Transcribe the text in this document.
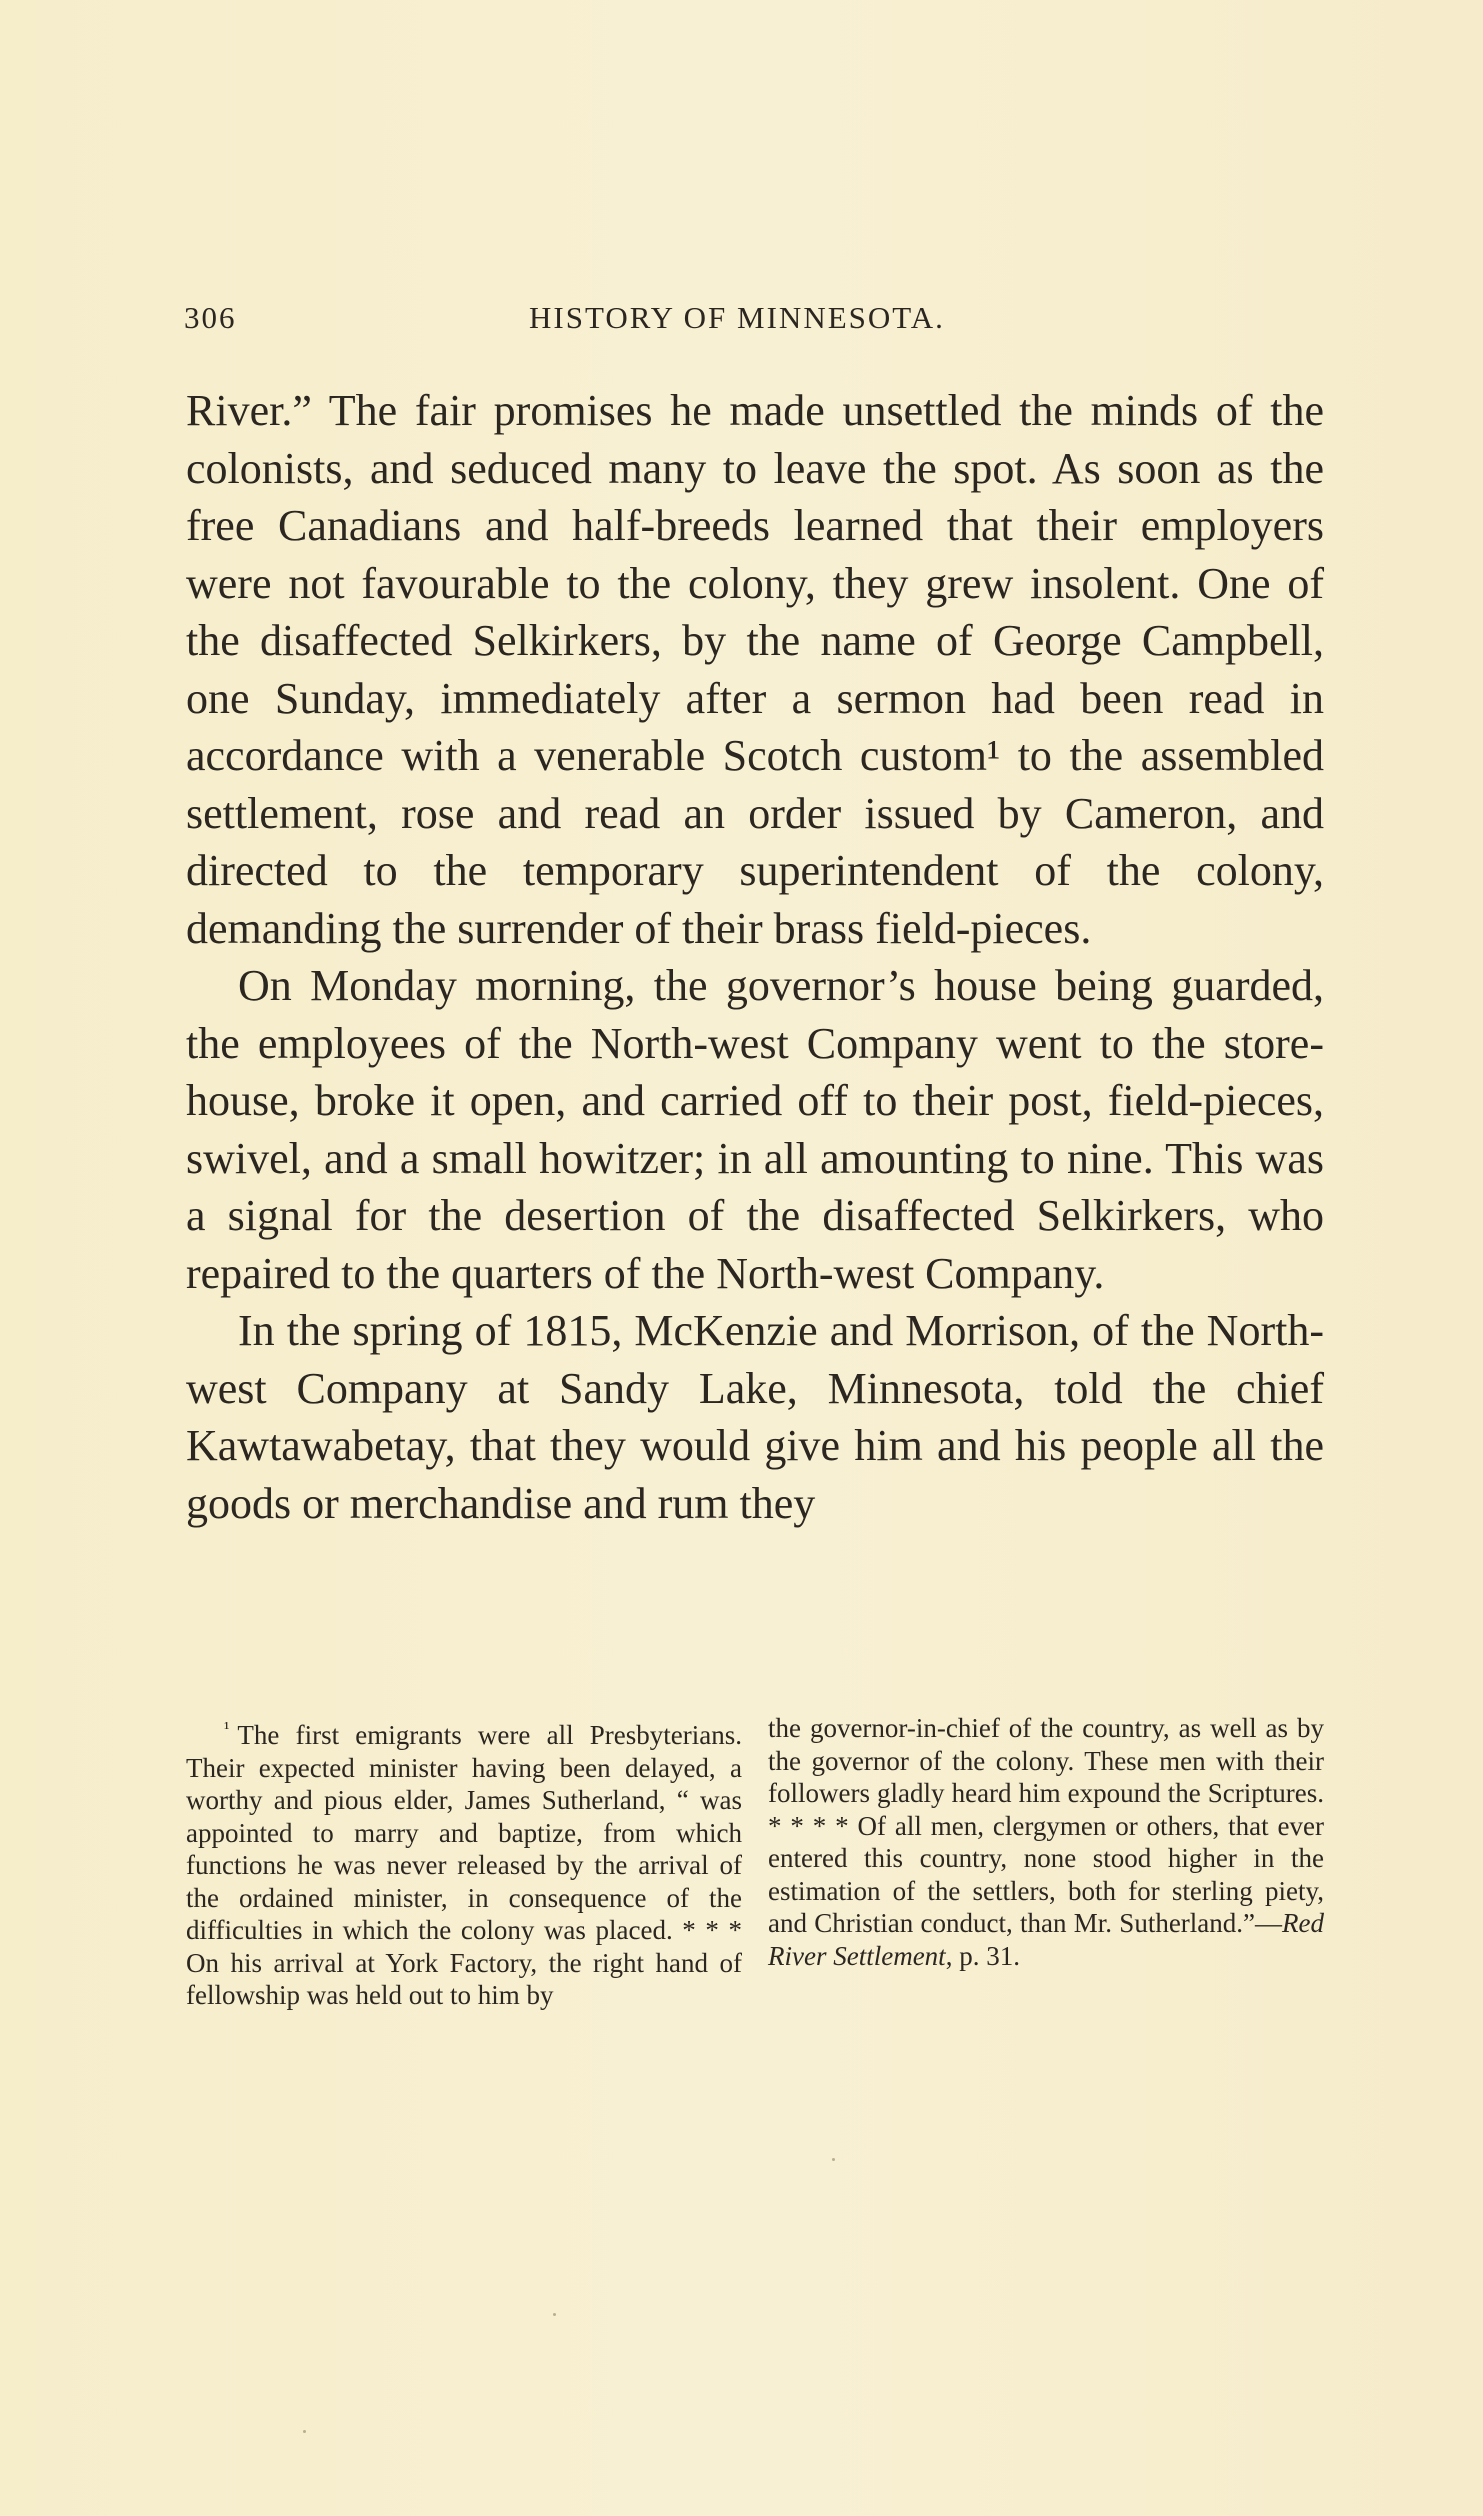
306	HISTORY OF MINNESOTA.

River.” The fair promises he made unsettled the minds of the colonists, and seduced many to leave the spot. As soon as the free Canadians and half-breeds learned that their employers were not favourable to the colony, they grew insolent. One of the disaffected Selkirkers, by the name of George Campbell, one Sunday, immediately after a sermon had been read in accordance with a venerable Scotch custom¹ to the assembled settlement, rose and read an order issued by Cameron, and directed to the temporary superintendent of the colony, demanding the surrender of their brass field-pieces.

On Monday morning, the governor’s house being guarded, the employees of the North-west Company went to the store-house, broke it open, and carried off to their post, field-pieces, swivel, and a small howitzer; in all amounting to nine. This was a signal for the desertion of the disaffected Selkirkers, who repaired to the quarters of the North-west Company.

In the spring of 1815, McKenzie and Morrison, of the North-west Company at Sandy Lake, Minnesota, told the chief Kawtawabetay, that they would give him and his people all the goods or merchandise and rum they

$^{^1}$ The first emigrants were all Presbyterians. Their expected minister having been delayed, a worthy and pious elder, James Sutherland, “ was appointed to marry and baptize, from which functions he was never released by the arrival of the ordained minister, in consequence of the difficulties in which the colony was placed. * * * On his arrival at York Factory, the right hand of fellowship was held out to him by

the governor-in-chief of the country, as well as by the governor of the colony. These men with their followers gladly heard him expound the Scriptures. * * * * Of all men, clergymen or others, that ever entered this country, none stood higher in the estimation of the settlers, both for sterling piety, and Christian conduct, than Mr. Sutherland.”—Red River Settlement, p. 31.
